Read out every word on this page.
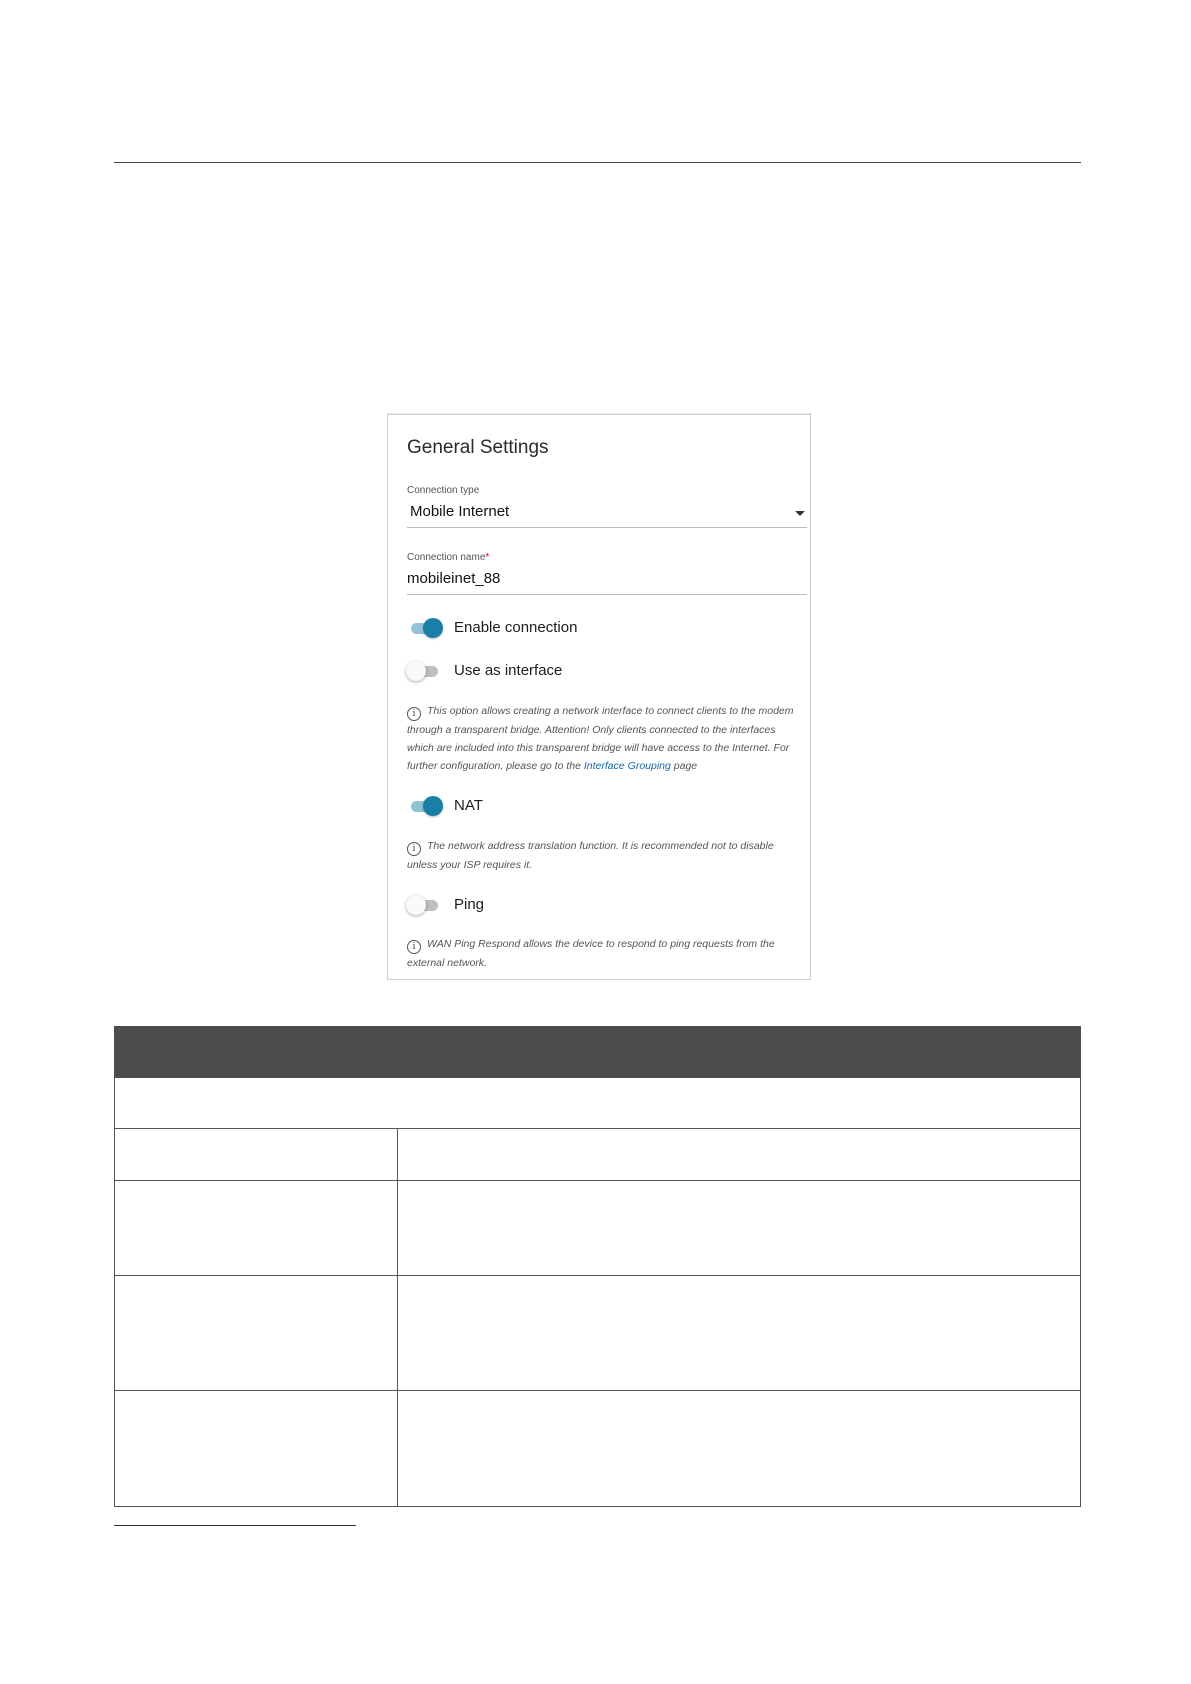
General Settings
Connection type
Mobile Internet
Connection name*
mobileinet_88
Enable connection
Use as interface
i This option allows creating a network interface to connect clients to the modem through a transparent bridge. Attention! Only clients connected to the interfaces which are included into this transparent bridge will have access to the Internet. For further configuration, please go to the Interface Grouping page
NAT
i The network address translation function. It is recommended not to disable unless your ISP requires it.
Ping
i WAN Ping Respond allows the device to respond to ping requests from the external network.
